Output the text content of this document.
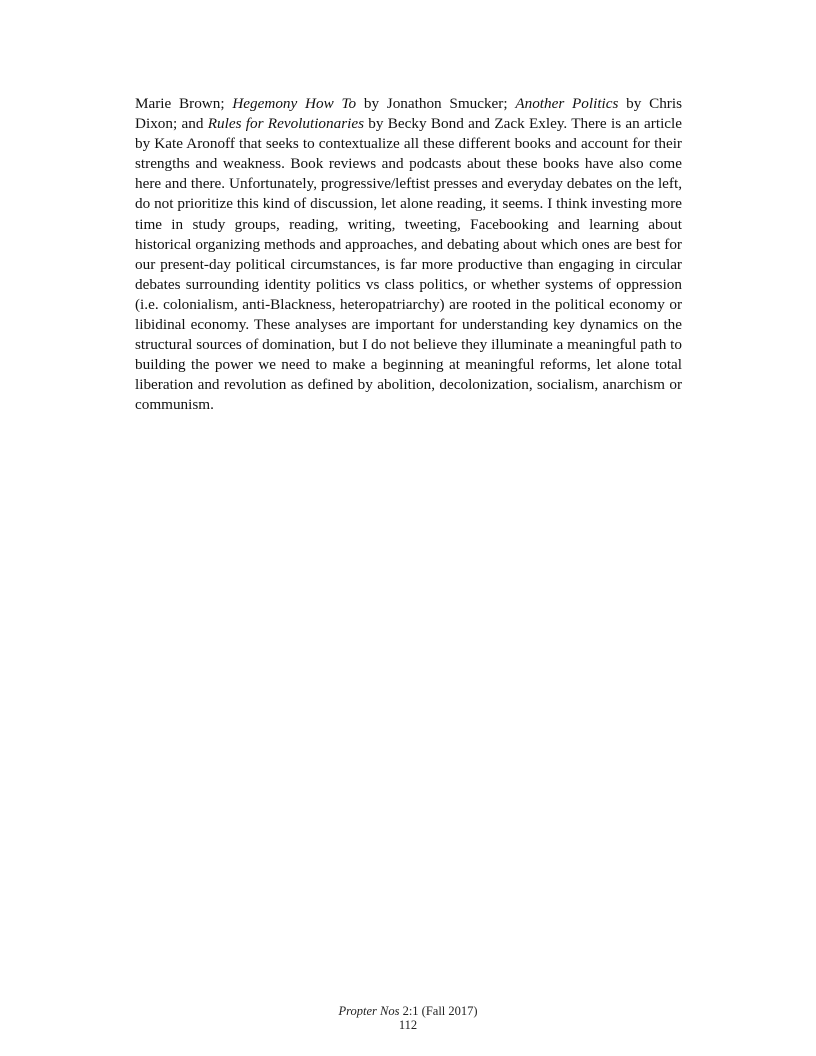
Marie Brown; Hegemony How To by Jonathon Smucker; Another Politics by Chris Dixon; and Rules for Revolutionaries by Becky Bond and Zack Exley. There is an article by Kate Aronoff that seeks to contextualize all these different books and account for their strengths and weakness. Book reviews and podcasts about these books have also come here and there. Unfortunately, progressive/leftist presses and everyday debates on the left, do not prioritize this kind of discussion, let alone reading, it seems. I think investing more time in study groups, reading, writing, tweeting, Facebooking and learning about historical organizing methods and approaches, and debating about which ones are best for our present-day political circumstances, is far more productive than engaging in circular debates surrounding identity politics vs class politics, or whether systems of oppression (i.e. colonialism, anti-Blackness, heteropatriarchy) are rooted in the political economy or libidinal economy. These analyses are important for understanding key dynamics on the structural sources of domination, but I do not believe they illuminate a meaningful path to building the power we need to make a beginning at meaningful reforms, let alone total liberation and revolution as defined by abolition, decolonization, socialism, anarchism or communism.

Propter Nos 2:1 (Fall 2017)
112
